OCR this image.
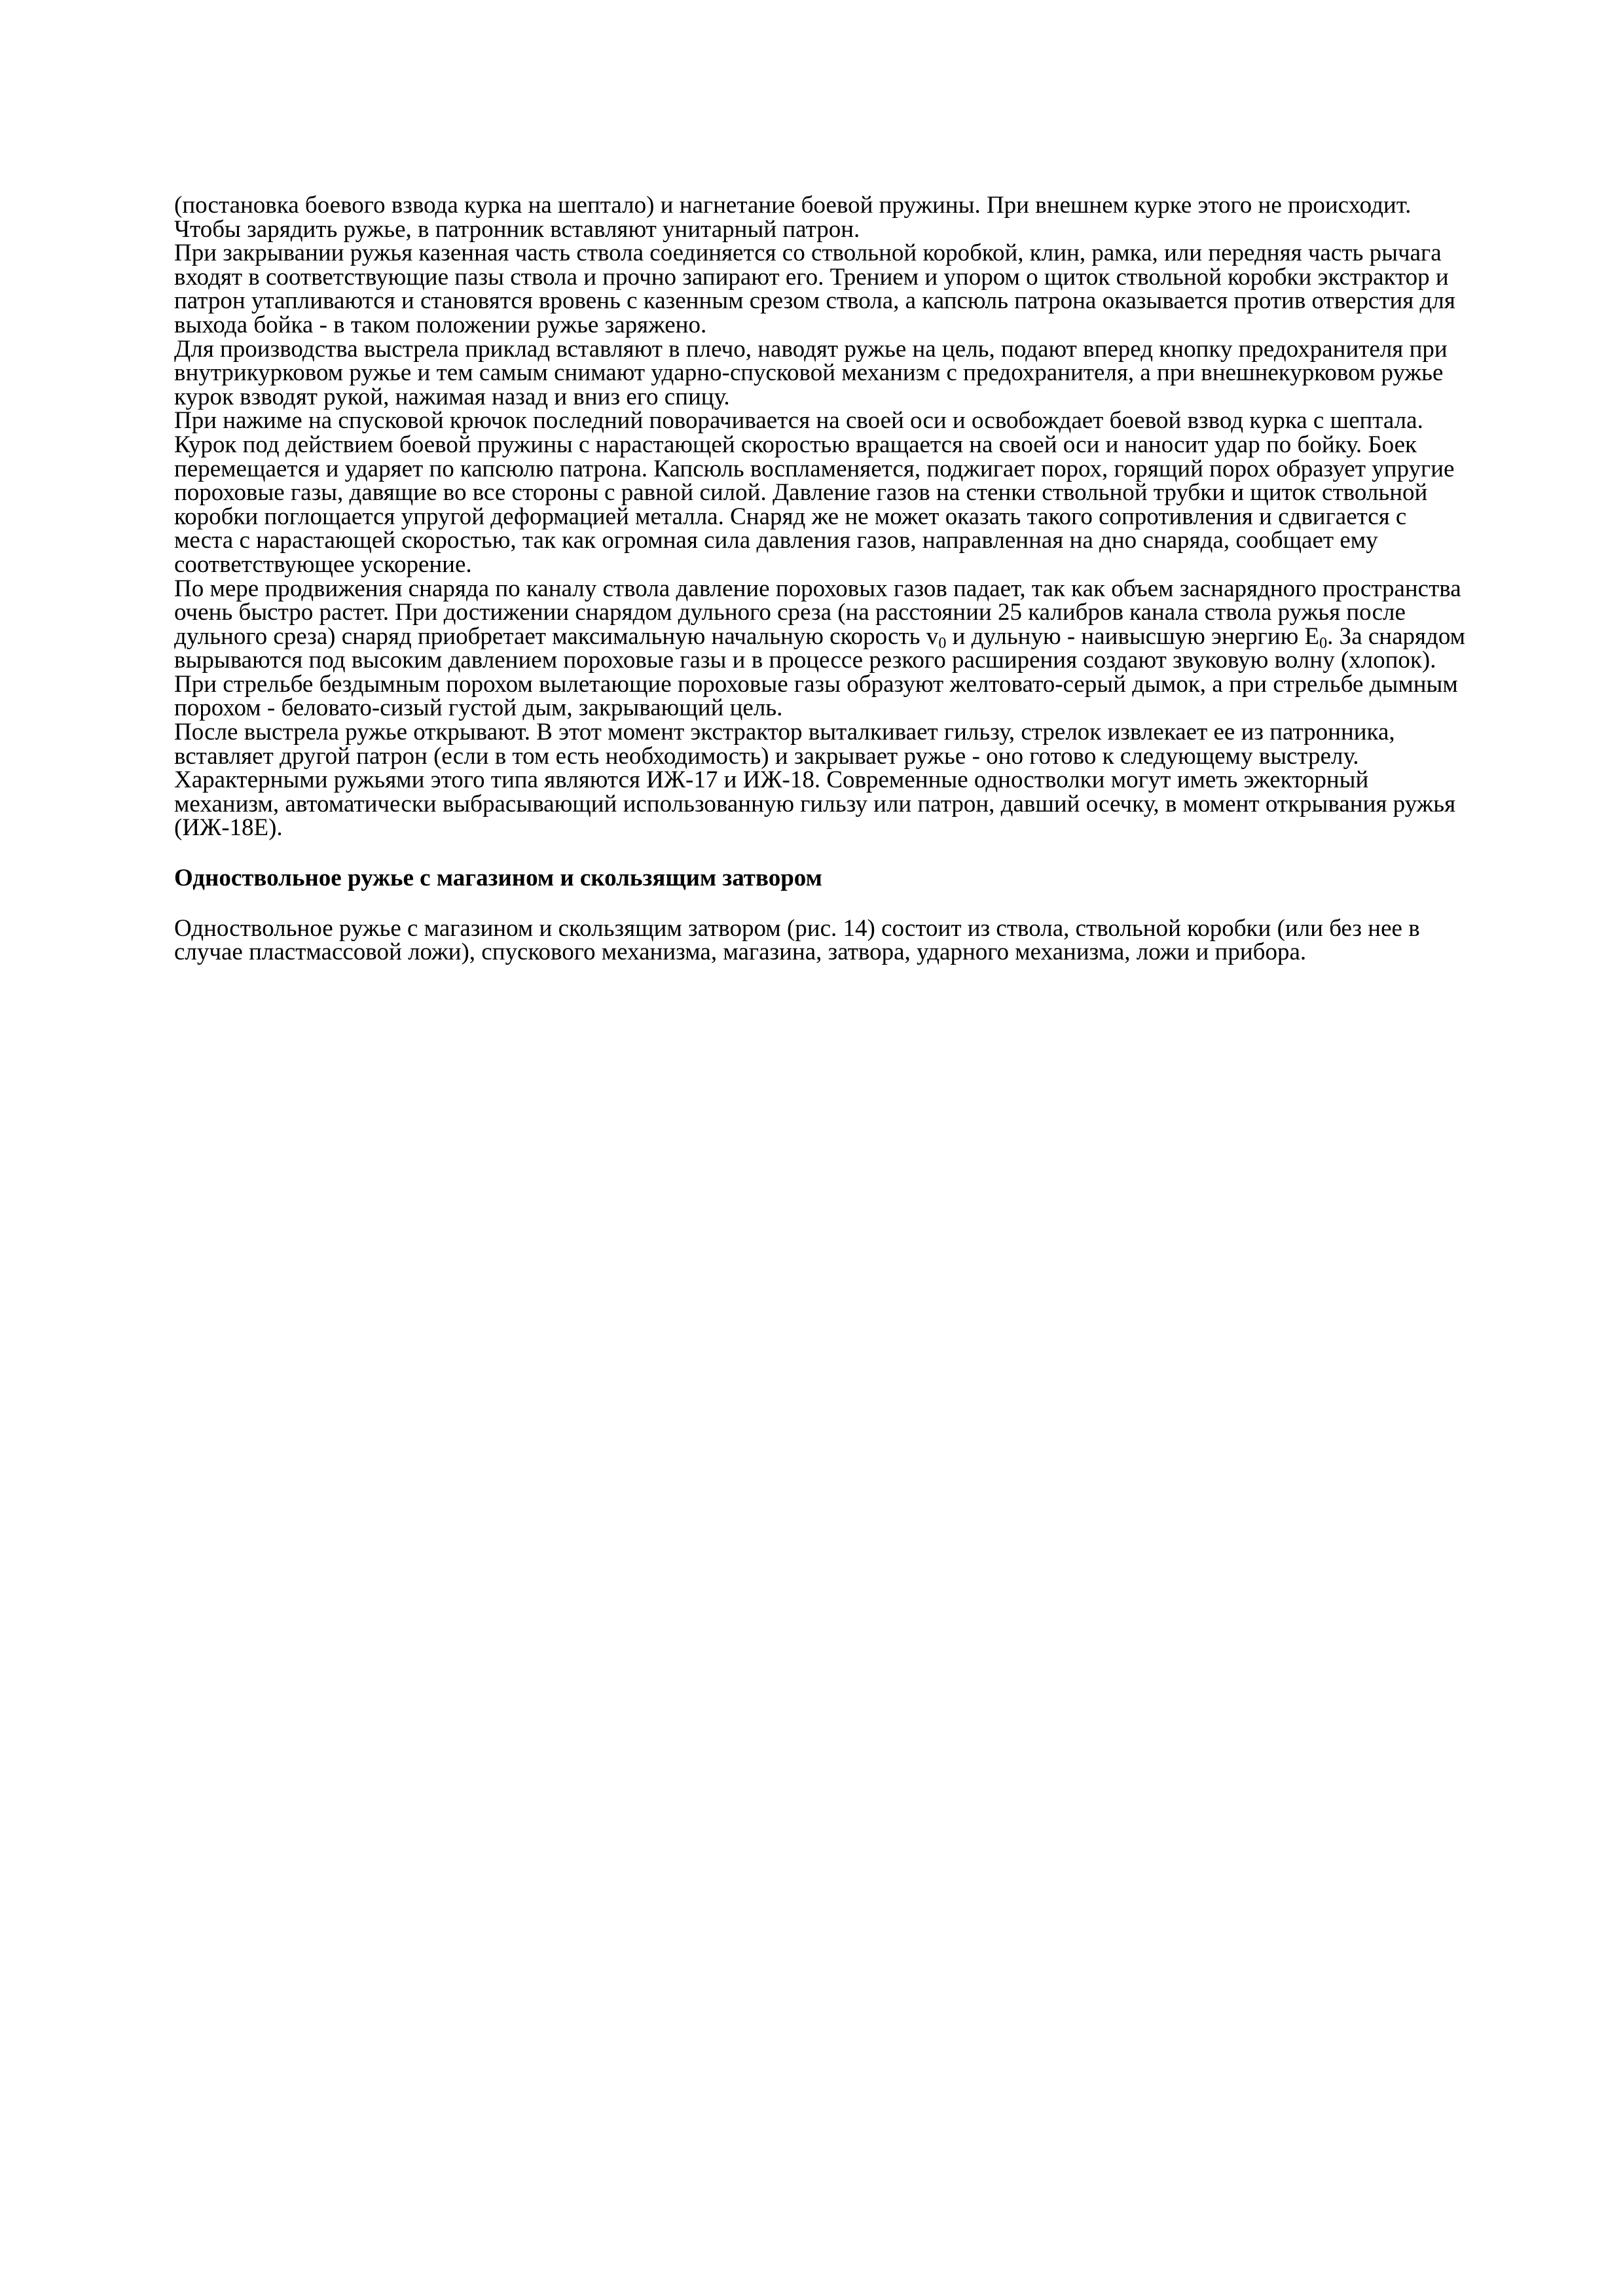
(постановка боевого взвода курка на шептало) и нагнетание боевой пружины. При внешнем курке этого не происходит. Чтобы зарядить ружье, в патронник вставляют унитарный патрон.

При закрывании ружья казенная часть ствола соединяется со ствольной коробкой, клин, рамка, или передняя часть рычага входят в соответствующие пазы ствола и прочно запирают его. Трением и упором о щиток ствольной коробки экстрактор и патрон утапливаются и становятся вровень с казенным срезом ствола, а капсюль патрона оказывается против отверстия для выхода бойка - в таком положении ружье заряжено.

Для производства выстрела приклад вставляют в плечо, наводят ружье на цель, подают вперед кнопку предохранителя при внутрикурковом ружье и тем самым снимают ударно-спусковой механизм с предохранителя, а при внешнекурковом ружье курок взводят рукой, нажимая назад и вниз его спицу.

При нажиме на спусковой крючок последний поворачивается на своей оси и освобождает боевой взвод курка с шептала. Курок под действием боевой пружины с нарастающей скоростью вращается на своей оси и наносит удар по бойку. Боек перемещается и ударяет по капсюлю патрона. Капсюль воспламеняется, поджигает порох, горящий порох образует упругие пороховые газы, давящие во все стороны с равной силой. Давление газов на стенки ствольной трубки и щиток ствольной коробки поглощается упругой деформацией металла. Снаряд же не может оказать такого сопротивления и сдвигается с места с нарастающей скоростью, так как огромная сила давления газов, направленная на дно снаряда, сообщает ему соответствующее ускорение.

По мере продвижения снаряда по каналу ствола давление пороховых газов падает, так как объем заснарядного пространства очень быстро растет. При достижении снарядом дульного среза (на расстоянии 25 калибров канала ствола ружья после дульного среза) снаряд приобретает максимальную начальную скорость $v_0$ и дульную - наивысшую энергию $E_0$. За снарядом вырываются под высоким давлением пороховые газы и в процессе резкого расширения создают звуковую волну (хлопок).

При стрельбе бездымным порохом вылетающие пороховые газы образуют желтовато-серый дымок, а при стрельбе дымным порохом - беловато-сизый густой дым, закрывающий цель.

После выстрела ружье открывают. В этот момент экстрактор выталкивает гильзу, стрелок извлекает ее из патронника, вставляет другой патрон (если в том есть необходимость) и закрывает ружье - оно готово к следующему выстрелу. Характерными ружьями этого типа являются ИЖ-17 и ИЖ-18. Современные одностволки могут иметь эжекторный механизм, автоматически выбрасывающий использованную гильзу или патрон, давший осечку, в момент открывания ружья (ИЖ-18Е).

Одноствольное ружье с магазином и скользящим затвором

Одноствольное ружье с магазином и скользящим затвором (рис. 14) состоит из ствола, ствольной коробки (или без нее в случае пластмассовой ложи), спускового механизма, магазина, затвора, ударного механизма, ложи и прибора.
